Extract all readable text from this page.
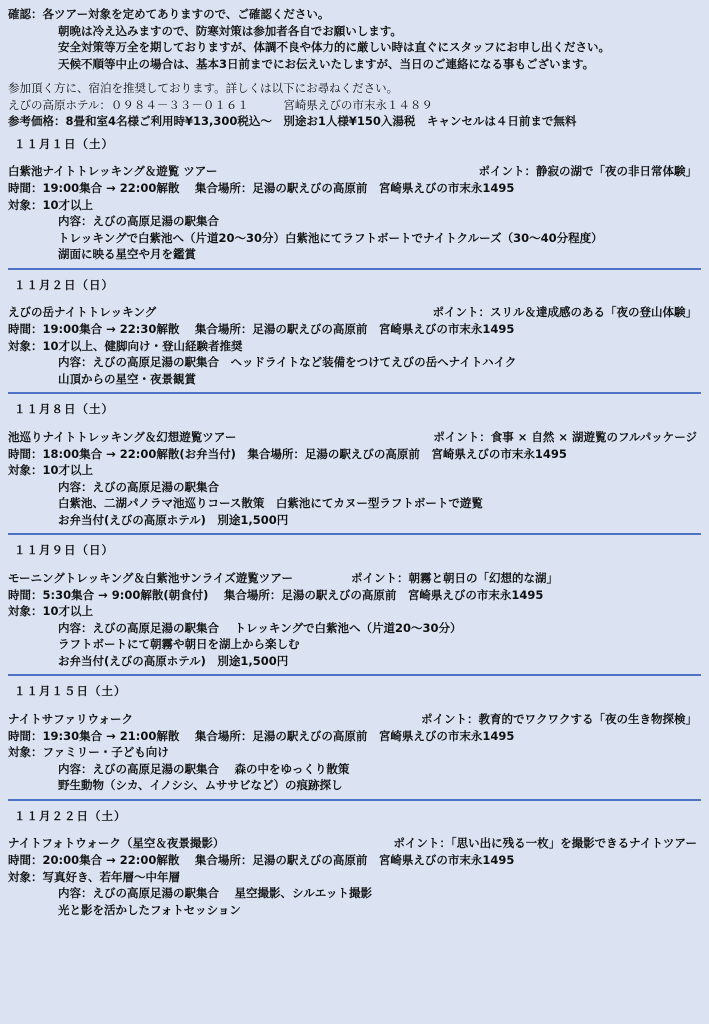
確認：各ツアー対象を定めてありますので、ご確認ください。
朝晩は冷え込みますので、防寒対策は参加者各自でお願いします。
安全対策等万全を期しておりますが、体調不良や体力的に厳しい時は直ぐにスタッフにお申し出ください。
天候不順等中止の場合は、基本3日前までにお伝えいたしますが、当日のご連絡になる事もございます。
参加頂く方に、宿泊を推奨しております。詳しくは以下にお尋ねください。
えびの高原ホテル：０９８４－３３－０１６１　　　宮崎県えびの市末永１４８９
参考価格：8畳和室4名様ご利用時¥13,300税込～　別途お1人様¥150入湯税　キャンセルは４日前まで無料
１１月１日（土）
白紫池ナイトトレッキング＆遊覧 ツアー	ポイント：静寂の湖で「夜の非日常体験」
時間：19:00集合 → 22:00解散　 集合場所：足湯の駅えびの高原前　宮崎県えびの市末永1495
対象：10才以上
内容：えびの高原足湯の駅集合
トレッキングで白紫池へ（片道20～30分）白紫池にてラフトボートでナイトクルーズ（30～40分程度）
湖面に映る星空や月を鑑賞
１１月２日（日）
えびの岳ナイトトレッキング	ポイント：スリル＆達成感のある「夜の登山体験」
時間：19:00集合 → 22:30解散　 集合場所：足湯の駅えびの高原前　宮崎県えびの市末永1495
対象：10才以上、健脚向け・登山経験者推奨
内容：えびの高原足湯の駅集合　ヘッドライトなど装備をつけてえびの岳へナイトハイク
山頂からの星空・夜景観賞
１１月８日（土）
池巡りナイトトレッキング＆幻想遊覧ツアー	ポイント：食事 × 自然 × 湖遊覧のフルパッケージ
時間：18:00集合 → 22:00解散(お弁当付)　集合場所：足湯の駅えびの高原前　宮崎県えびの市末永1495
対象：10才以上
内容：えびの高原足湯の駅集合
白紫池、二湖パノラマ池巡りコース散策　白紫池にてカヌー型ラフトボートで遊覧
お弁当付(えびの高原ホテル)　別途1,500円
１１月９日（日）
モーニングトレッキング＆白紫池サンライズ遊覧ツアー	ポイント：朝霧と朝日の「幻想的な湖」
時間：5:30集合 → 9:00解散(朝食付)　 集合場所：足湯の駅えびの高原前　宮崎県えびの市末永1495
対象：10才以上
内容：えびの高原足湯の駅集合　 トレッキングで白紫池へ（片道20～30分）
ラフトボートにて朝霧や朝日を湖上から楽しむ
お弁当付(えびの高原ホテル)　別途1,500円
１１月１５日（土）
ナイトサファリウォーク	ポイント：教育的でワクワクする「夜の生き物探検」
時間：19:30集合 → 21:00解散　 集合場所：足湯の駅えびの高原前　宮崎県えびの市末永1495
対象：ファミリー・子ども向け
内容：えびの高原足湯の駅集合　 森の中をゆっくり散策
野生動物（シカ、イノシシ、ムササビなど）の痕跡探し
１１月２２日（土）
ナイトフォトウォーク（星空＆夜景撮影）	ポイント：「思い出に残る一枚」を撮影できるナイトツアー
時間：20:00集合 → 22:00解散　 集合場所：足湯の駅えびの高原前　宮崎県えびの市末永1495
対象：写真好き、若年層～中年層
内容：えびの高原足湯の駅集合　 星空撮影、シルエット撮影
光と影を活かしたフォトセッション
